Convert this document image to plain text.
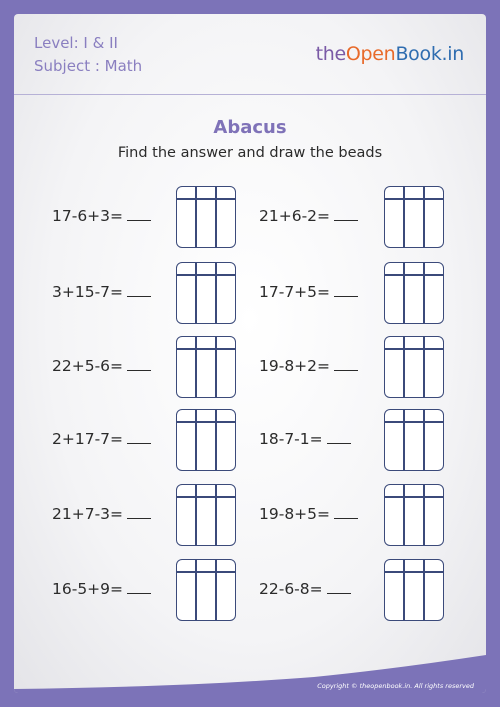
Level: I & II
Subject : Math
theOpenBook.in
Abacus
Find the answer and draw the beads
17-6+3=	21+6-2=
3+15-7=	17-7+5=
22+5-6=	19-8+2=
2+17-7=	18-7-1=
21+7-3=	19-8+5=
16-5+9=	22-6-8=
Copyright © theopenbook.in. All rights reserved
